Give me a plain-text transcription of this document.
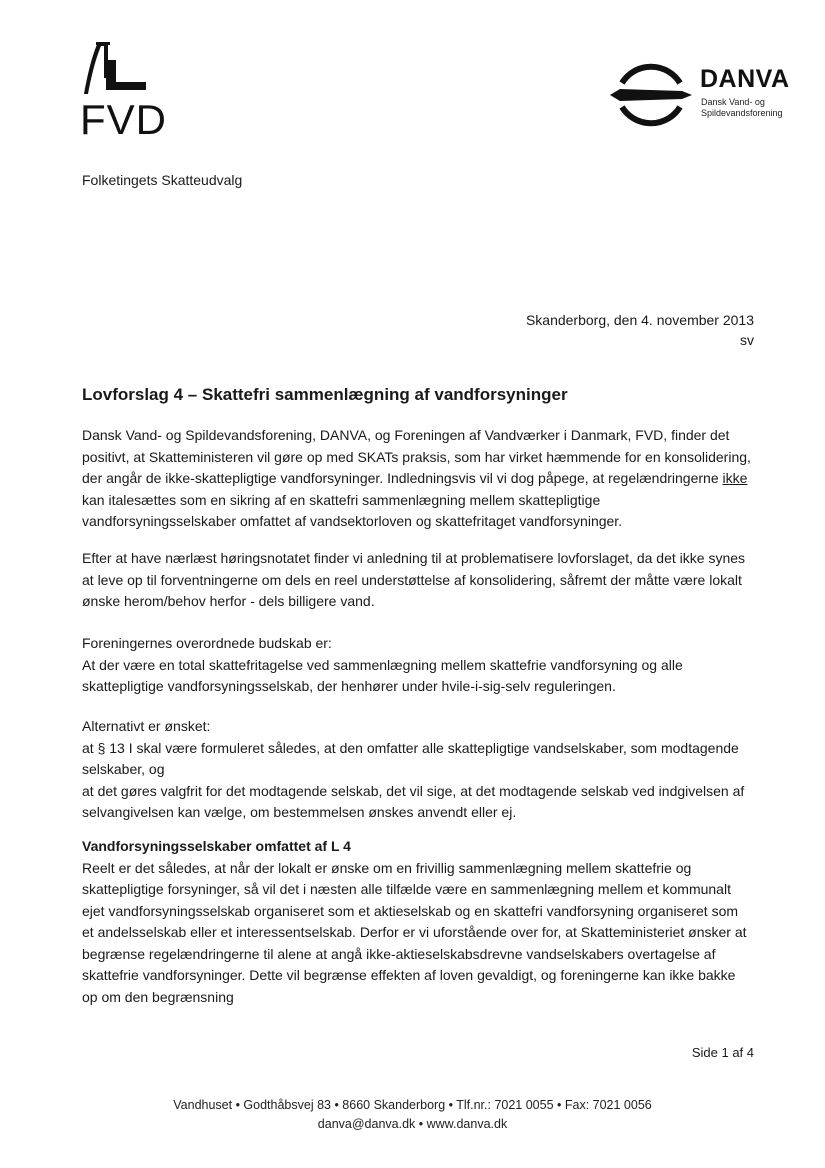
FVD
DANVA
Dansk Vand- og
Spildevandsforening
Folketingets Skatteudvalg
Skanderborg, den 4. november 2013
sv
Lovforslag 4 – Skattefri sammenlægning af vandforsyninger
Dansk Vand- og Spildevandsforening, DANVA, og Foreningen af Vandværker i Danmark, FVD, finder det positivt, at Skatteministeren vil gøre op med SKATs praksis, som har virket hæmmende for en konsolidering, der angår de ikke-skattepligtige vandforsyninger. Indledningsvis vil vi dog påpege, at regelændringerne ikke kan italesættes som en sikring af en skattefri sammenlægning mellem skattepligtige vandforsyningsselskaber omfattet af vandsektorloven og skattefritaget vandforsyninger.
Efter at have nærlæst høringsnotatet finder vi anledning til at problematisere lovforslaget, da det ikke synes at leve op til forventningerne om dels en reel understøttelse af konsolidering, såfremt der måtte være lokalt ønske herom/behov herfor - dels billigere vand.
Foreningernes overordnede budskab er:
At der være en total skattefritagelse ved sammenlægning mellem skattefrie vandforsyning og alle skattepligtige vandforsyningsselskab, der henhører under hvile-i-sig-selv reguleringen.
Alternativt er ønsket:
at § 13 I skal være formuleret således, at den omfatter alle skattepligtige vandselskaber, som modtagende selskaber, og
at det gøres valgfrit for det modtagende selskab, det vil sige, at det modtagende selskab ved indgivelsen af selvangivelsen kan vælge, om bestemmelsen ønskes anvendt eller ej.
Vandforsyningsselskaber omfattet af L 4
Reelt er det således, at når der lokalt er ønske om en frivillig sammenlægning mellem skattefrie og skattepligtige forsyninger, så vil det i næsten alle tilfælde være en sammenlægning mellem et kommunalt ejet vandforsyningsselskab organiseret som et aktieselskab og en skattefri vandforsyning organiseret som et andelsselskab eller et interessentselskab. Derfor er vi uforstående over for, at Skatteministeriet ønsker at begrænse regelændringerne til alene at angå ikke-aktieselskabsdrevne vandselskabers overtagelse af skattefrie vandforsyninger. Dette vil begrænse effekten af loven gevaldigt, og foreningerne kan ikke bakke op om den begrænsning
Side 1 af 4
Vandhuset • Godthåbsvej 83 • 8660 Skanderborg • Tlf.nr.: 7021 0055 • Fax: 7021 0056
danva@danva.dk • www.danva.dk
